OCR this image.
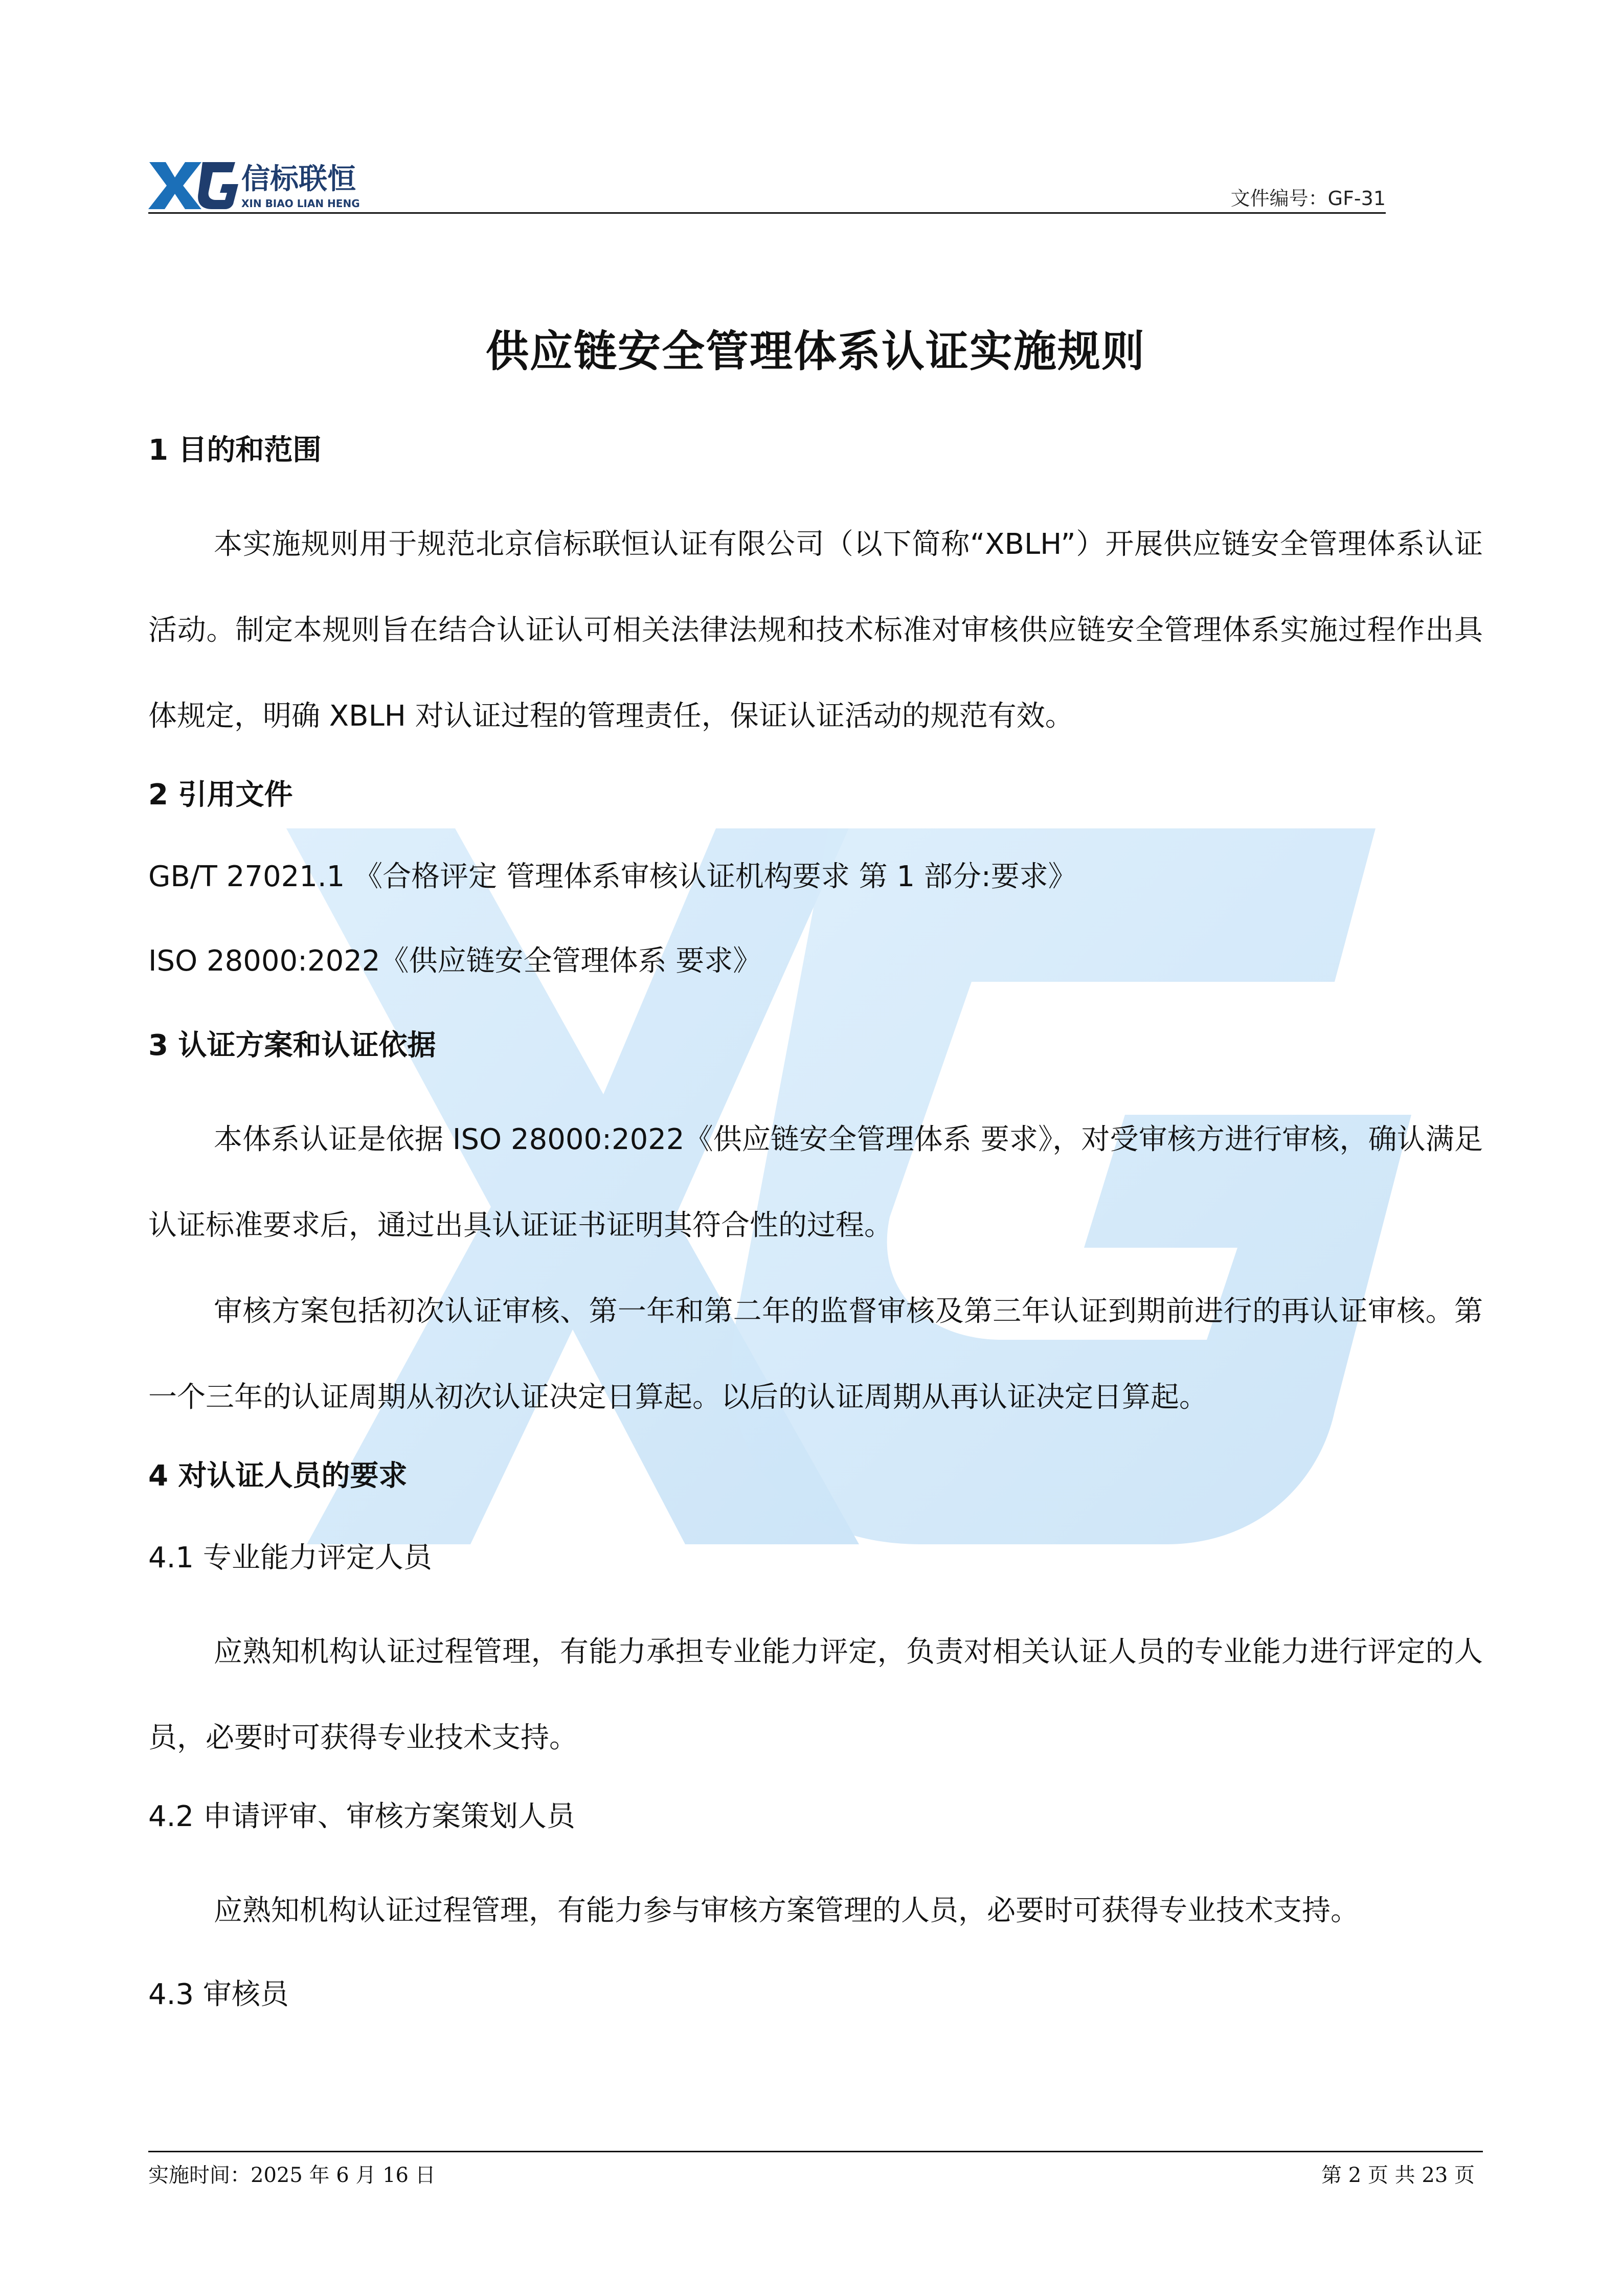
信标联恒
XIN BIAO LIAN HENG	文件编号：GF-31
供应链安全管理体系认证实施规则
1 目的和范围

本实施规则用于规范北京信标联恒认证有限公司（以下简称“XBLH”）开展供应链安全管理体系认证活动。制定本规则旨在结合认证认可相关法律法规和技术标准对审核供应链安全管理体系实施过程作出具体规定，明确 XBLH 对认证过程的管理责任，保证认证活动的规范有效。

2 引用文件
GB/T 27021.1 《合格评定 管理体系审核认证机构要求 第 1 部分:要求》
ISO 28000:2022《供应链安全管理体系 要求》
3 认证方案和认证依据

本体系认证是依据 ISO 28000:2022《供应链安全管理体系 要求》，对受审核方进行审核，确认满足认证标准要求后，通过出具认证证书证明其符合性的过程。

审核方案包括初次认证审核、第一年和第二年的监督审核及第三年认证到期前进行的再认证审核。第一个三年的认证周期从初次认证决定日算起。以后的认证周期从再认证决定日算起。

4 对认证人员的要求
4.1 专业能力评定人员

应熟知机构认证过程管理，有能力承担专业能力评定，负责对相关认证人员的专业能力进行评定的人员，必要时可获得专业技术支持。

4.2 申请评审、审核方案策划人员

应熟知机构认证过程管理，有能力参与审核方案管理的人员，必要时可获得专业技术支持。

4.3 审核员
实施时间：2025 年 6 月 16 日	第 2 页 共 23 页
